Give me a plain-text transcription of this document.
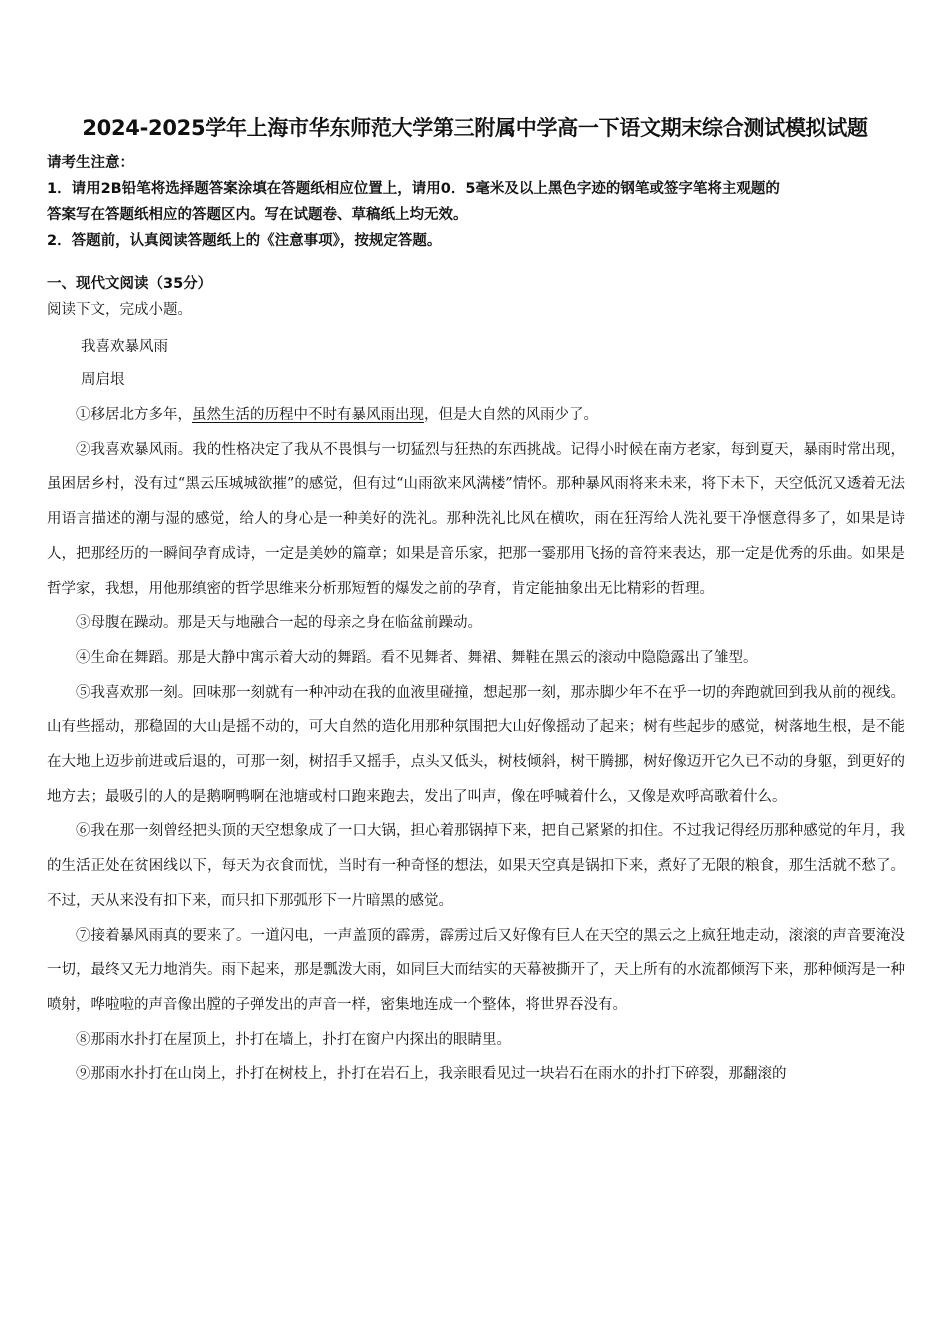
2024-2025学年上海市华东师范大学第三附属中学高一下语文期末综合测试模拟试题
请考生注意：
1．请用2B铅笔将选择题答案涂填在答题纸相应位置上，请用0．5毫米及以上黑色字迹的钢笔或签字笔将主观题的
答案写在答题纸相应的答题区内。写在试题卷、草稿纸上均无效。
2．答题前，认真阅读答题纸上的《注意事项》，按规定答题。
一、现代文阅读（35分）
阅读下文，完成小题。
我喜欢暴风雨
周启垠

①移居北方多年，虽然生活的历程中不时有暴风雨出现，但是大自然的风雨少了。

②我喜欢暴风雨。我的性格决定了我从不畏惧与一切猛烈与狂热的东西挑战。记得小时候在南方老家，每到夏天，暴雨时常出现，虽困居乡村，没有过“黑云压城城欲摧”的感觉，但有过“山雨欲来风满楼”情怀。那种暴风雨将来未来，将下未下，天空低沉又透着无法用语言描述的潮与湿的感觉，给人的身心是一种美好的洗礼。那种洗礼比风在横吹，雨在狂泻给人洗礼要干净惬意得多了，如果是诗人，把那经历的一瞬间孕育成诗，一定是美妙的篇章；如果是音乐家，把那一霎那用飞扬的音符来表达，那一定是优秀的乐曲。如果是哲学家，我想，用他那缜密的哲学思维来分析那短暂的爆发之前的孕育，肯定能抽象出无比精彩的哲理。

③母腹在躁动。那是天与地融合一起的母亲之身在临盆前躁动。

④生命在舞蹈。那是大静中寓示着大动的舞蹈。看不见舞者、舞裙、舞鞋在黑云的滚动中隐隐露出了雏型。

⑤我喜欢那一刻。回味那一刻就有一种冲动在我的血液里碰撞，想起那一刻，那赤脚少年不在乎一切的奔跑就回到我从前的视线。山有些摇动，那稳固的大山是摇不动的，可大自然的造化用那种氛围把大山好像摇动了起来；树有些起步的感觉，树落地生根，是不能在大地上迈步前进或后退的，可那一刻，树招手又摇手，点头又低头，树枝倾斜，树干腾挪，树好像迈开它久已不动的身躯，到更好的地方去；最吸引的人的是鹅啊鸭啊在池塘或村口跑来跑去，发出了叫声，像在呼喊着什么，又像是欢呼高歌着什么。

⑥我在那一刻曾经把头顶的天空想象成了一口大锅，担心着那锅掉下来，把自己紧紧的扣住。不过我记得经历那种感觉的年月，我的生活正处在贫困线以下，每天为衣食而忧，当时有一种奇怪的想法，如果天空真是锅扣下来，煮好了无限的粮食，那生活就不愁了。不过，天从来没有扣下来，而只扣下那弧形下一片暗黑的感觉。

⑦接着暴风雨真的要来了。一道闪电，一声盖顶的霹雳，霹雳过后又好像有巨人在天空的黑云之上疯狂地走动，滚滚的声音要淹没一切，最终又无力地消失。雨下起来，那是瓢泼大雨，如同巨大而结实的天幕被撕开了，天上所有的水流都倾泻下来，那种倾泻是一种喷射，哗啦啦的声音像出膛的子弹发出的声音一样，密集地连成一个整体，将世界吞没有。

⑧那雨水扑打在屋顶上，扑打在墙上，扑打在窗户内探出的眼睛里。

⑨那雨水扑打在山岗上，扑打在树枝上，扑打在岩石上，我亲眼看见过一块岩石在雨水的扑打下碎裂，那翻滚的
